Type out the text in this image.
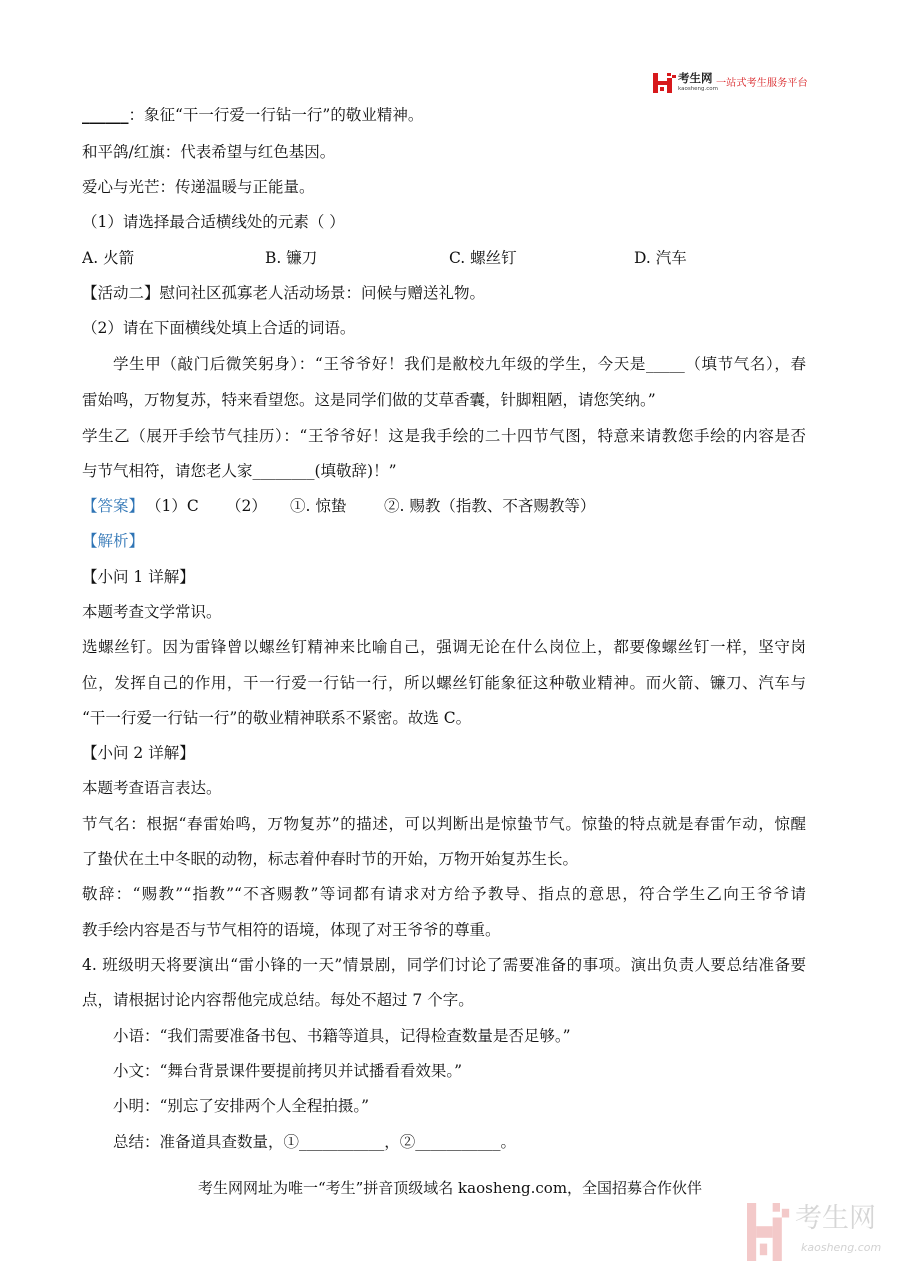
考生网
kaosheng.com
一站式考生服务平台
______：象征“干一行爱一行钻一行”的敬业精神。
和平鸽/红旗：代表希望与红色基因。
爱心与光芒：传递温暖与正能量。
（1）请选择最合适横线处的元素（ ）
A. 火箭	B. 镰刀	C. 螺丝钉	D. 汽车
【活动二】慰问社区孤寡老人活动场景：问候与赠送礼物。
（2）请在下面横线处填上合适的词语。
学生甲（敲门后微笑躬身）：“王爷爷好！我们是敝校九年级的学生，今天是_____（填节气名），春
雷始鸣，万物复苏，特来看望您。这是同学们做的艾草香囊，针脚粗陋，请您笑纳。”
学生乙（展开手绘节气挂历）：“王爷爷好！这是我手绘的二十四节气图，特意来请教您手绘的内容是否
与节气相符，请您老人家________(填敬辞)！”
【答案】 （1）C （2） ①. 惊蛰 ②. 赐教（指教、不吝赐教等）
【解析】
【小问 1 详解】
本题考查文学常识。
选螺丝钉。因为雷锋曾以螺丝钉精神来比喻自己，强调无论在什么岗位上，都要像螺丝钉一样，坚守岗
位，发挥自己的作用，干一行爱一行钻一行，所以螺丝钉能象征这种敬业精神。而火箭、镰刀、汽车与
“干一行爱一行钻一行”的敬业精神联系不紧密。故选 C。
【小问 2 详解】
本题考查语言表达。
节气名：根据“春雷始鸣，万物复苏”的描述，可以判断出是惊蛰节气。惊蛰的特点就是春雷乍动，惊醒
了蛰伏在土中冬眠的动物，标志着仲春时节的开始，万物开始复苏生长。
敬辞：“赐教”“指教”“不吝赐教”等词都有请求对方给予教导、指点的意思，符合学生乙向王爷爷请
教手绘内容是否与节气相符的语境，体现了对王爷爷的尊重。
4. 班级明天将要演出“雷小锋的一天”情景剧，同学们讨论了需要准备的事项。演出负责人要总结准备要
点，请根据讨论内容帮他完成总结。每处不超过 7 个字。
小语：“我们需要准备书包、书籍等道具，记得检查数量是否足够。”
小文：“舞台背景课件要提前拷贝并试播看看效果。”
小明：“别忘了安排两个人全程拍摄。”
总结：准备道具查数量，①___________，②___________。
考生网网址为唯一“考生”拼音顶级域名 kaosheng.com，全国招募合作伙伴
考生网
kaosheng.com
